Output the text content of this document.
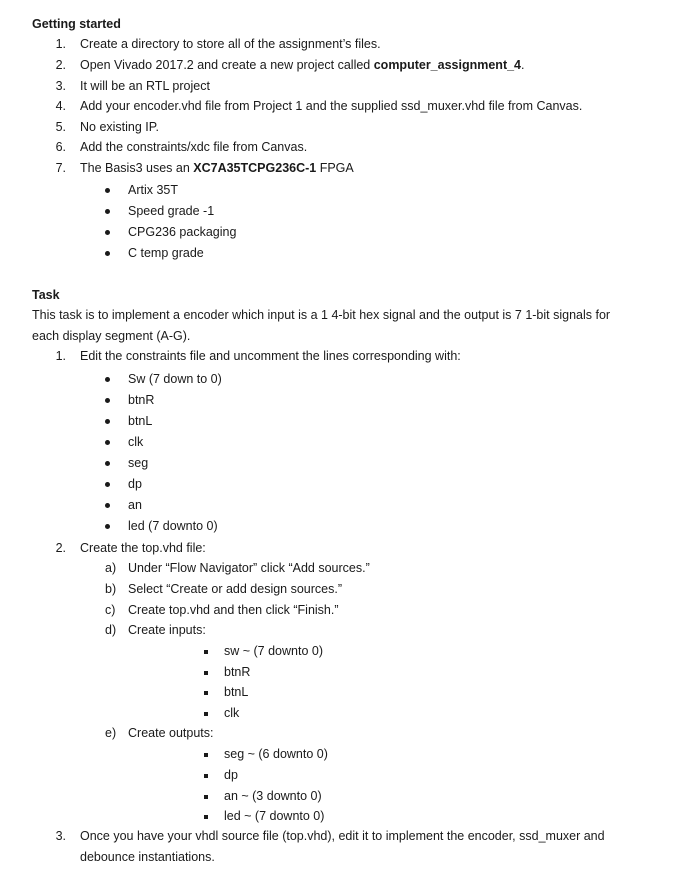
Getting started
1. Create a directory to store all of the assignment’s files.
2. Open Vivado 2017.2 and create a new project called computer_assignment_4.
3. It will be an RTL project
4. Add your encoder.vhd file from Project 1 and the supplied ssd_muxer.vhd file from Canvas.
5. No existing IP.
6. Add the constraints/xdc file from Canvas.
7. The Basis3 uses an XC7A35TCPG236C-1 FPGA
Artix 35T
Speed grade -1
CPG236 packaging
C temp grade
Task
This task is to implement a encoder which input is a 1 4-bit hex signal and the output is 7 1-bit signals for
each display segment (A-G).
1. Edit the constraints file and uncomment the lines corresponding with:
Sw (7 down to 0)
btnR
btnL
clk
seg
dp
an
led (7 downto 0)
2. Create the top.vhd file:
a) Under “Flow Navigator” click “Add sources.”
b) Select “Create or add design sources.”
c) Create top.vhd and then click “Finish.”
d) Create inputs:
sw ~ (7 downto 0)
btnR
btnL
clk
e) Create outputs:
seg ~ (6 downto 0)
dp
an ~ (3 downto 0)
led ~ (7 downto 0)
3. Once you have your vhdl source file (top.vhd), edit it to implement the encoder, ssd_muxer and
debounce instantiations.
